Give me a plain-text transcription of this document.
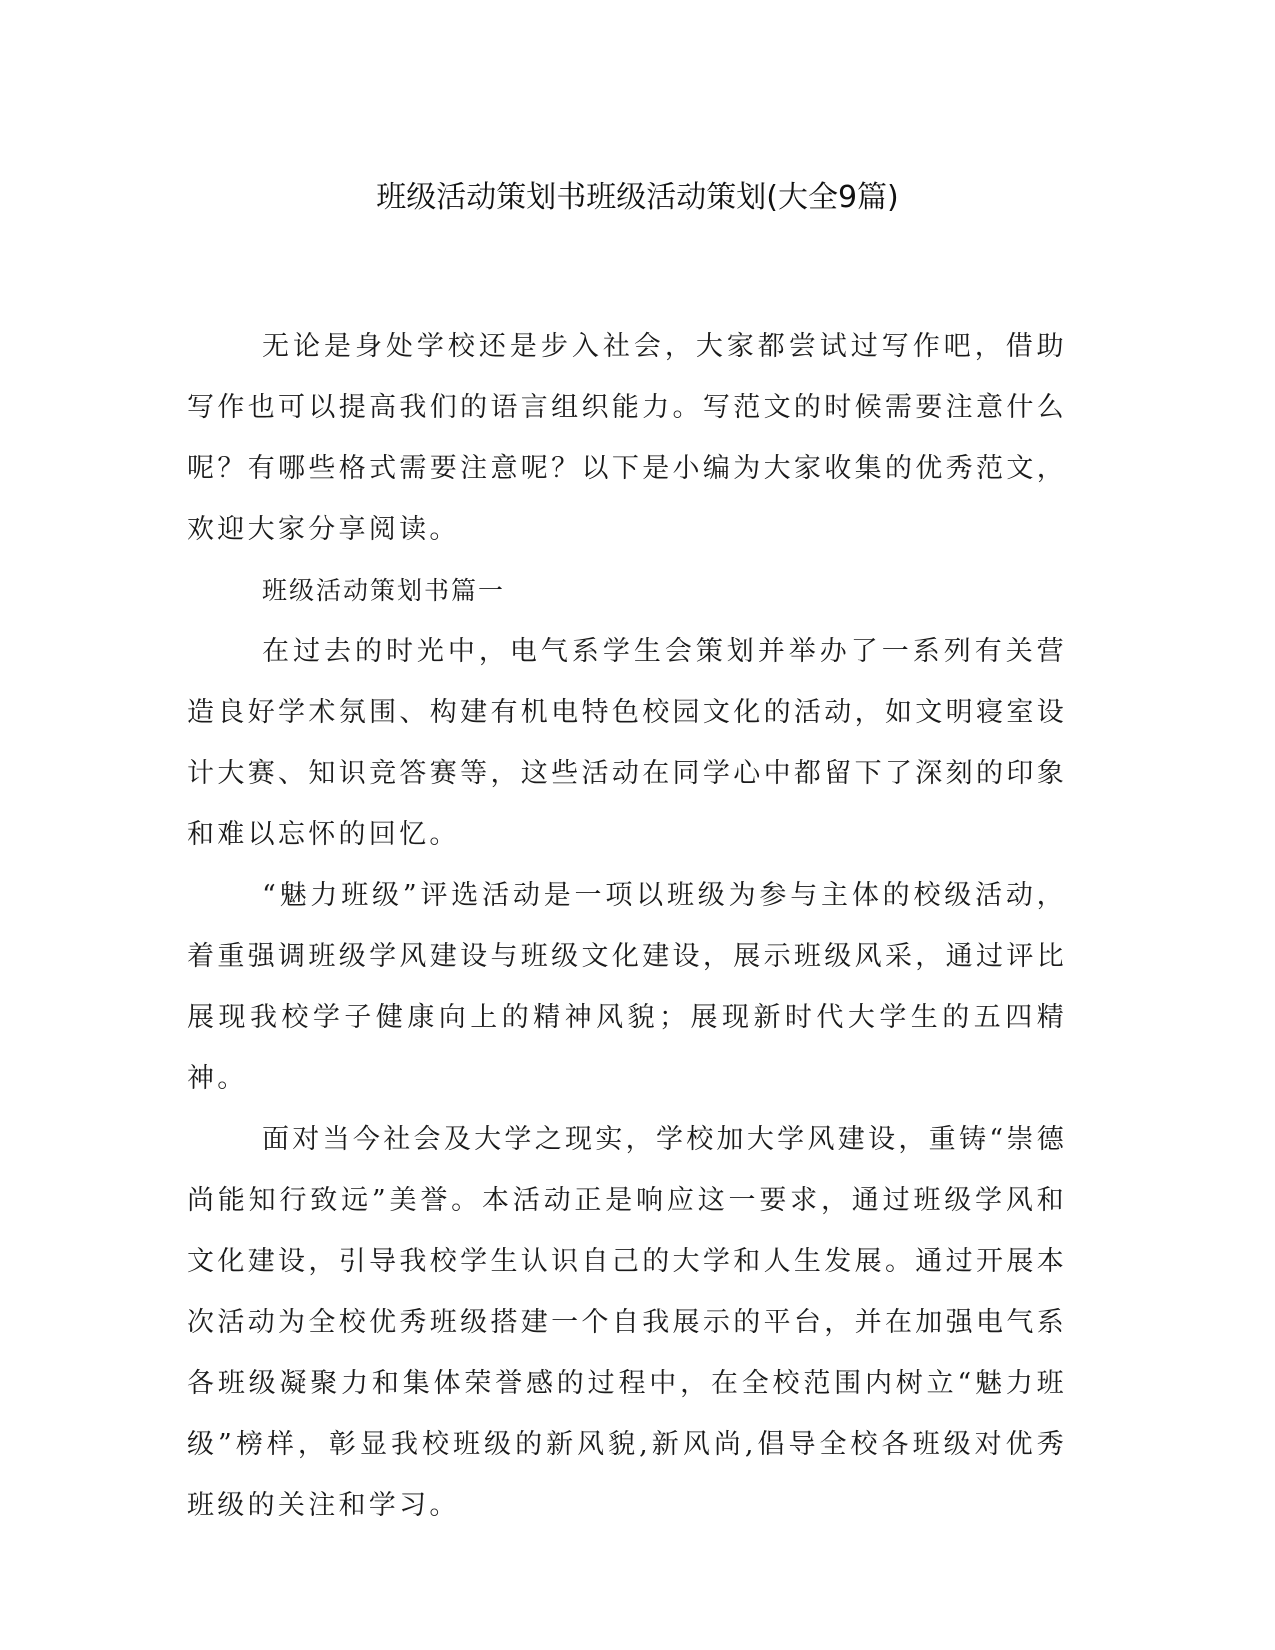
班级活动策划书班级活动策划(大全9篇)

无论是身处学校还是步入社会，大家都尝试过写作吧，借助写作也可以提高我们的语言组织能力。写范文的时候需要注意什么呢？有哪些格式需要注意呢？以下是小编为大家收集的优秀范文，欢迎大家分享阅读。

班级活动策划书篇一

在过去的时光中，电气系学生会策划并举办了一系列有关营造良好学术氛围、构建有机电特色校园文化的活动，如文明寝室设计大赛、知识竞答赛等，这些活动在同学心中都留下了深刻的印象和难以忘怀的回忆。

“魅力班级”评选活动是一项以班级为参与主体的校级活动，着重强调班级学风建设与班级文化建设，展示班级风采，通过评比展现我校学子健康向上的精神风貌；展现新时代大学生的五四精神。

面对当今社会及大学之现实，学校加大学风建设，重铸“崇德尚能知行致远”美誉。本活动正是响应这一要求，通过班级学风和文化建设，引导我校学生认识自己的大学和人生发展。通过开展本次活动为全校优秀班级搭建一个自我展示的平台，并在加强电气系各班级凝聚力和集体荣誉感的过程中，在全校范围内树立“魅力班级”榜样，彰显我校班级的新风貌,新风尚,倡导全校各班级对优秀班级的关注和学习。
